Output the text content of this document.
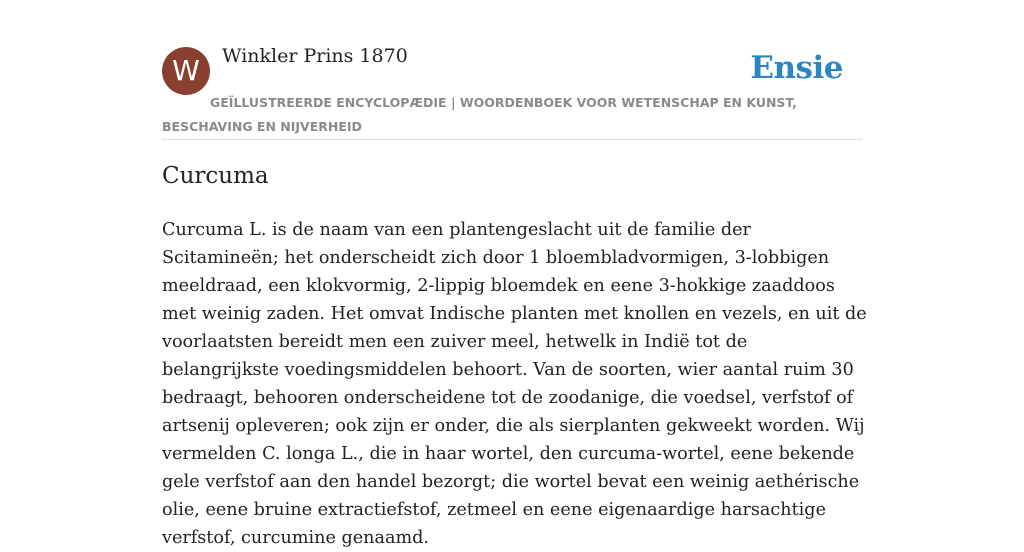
W Winkler Prins 1870	Ensie
GEÏLLUSTREERDE ENCYCLOPÆDIE | WOORDENBOEK VOOR WETENSCHAP EN KUNST, BESCHAVING EN NIJVERHEID
Curcuma

Curcuma L. is de naam van een plantengeslacht uit de familie der Scitamineën; het onderscheidt zich door 1 bloembladvormigen, 3-lobbigen meeldraad, een klokvormig, 2-lippig bloemdek en eene 3-hokkige zaaddoos met weinig zaden. Het omvat Indische planten met knollen en vezels, en uit de voorlaatsten bereidt men een zuiver meel, hetwelk in Indië tot de belangrijkste voedingsmiddelen behoort. Van de soorten, wier aantal ruim 30 bedraagt, behooren onderscheidene tot de zoodanige, die voedsel, verfstof of artsenij opleveren; ook zijn er onder, die als sierplanten gekweekt worden. Wij vermelden C. longa L., die in haar wortel, den curcuma-wortel, eene bekende gele verfstof aan den handel bezorgt; die wortel bevat een weinig aethérische olie, eene bruine extractiefstof, zetmeel en eene eigenaardige harsachtige verfstof, curcumine genaamd.
